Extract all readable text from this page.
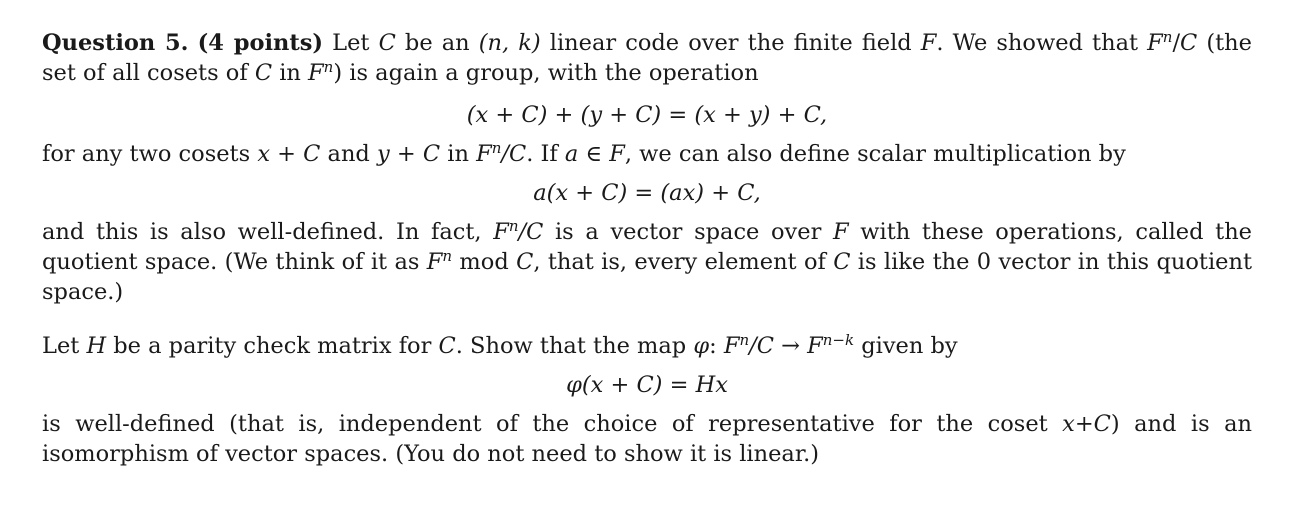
Question 5. (4 points) Let C be an (n, k) linear code over the finite field F. We showed that $F^n/C$ (the set of all cosets of C in $F^n$) is again a group, with the operation

(x + C) + (y + C) = (x + y) + C,

for any two cosets x + C and y + C in $F^n/C$. If a ∈ F, we can also define scalar multiplication by

a(x + C) = (ax) + C,

and this is also well-defined. In fact, $F^n/C$ is a vector space over F with these operations, called the quotient space. (We think of it as $F^n$ mod C, that is, every element of C is like the 0 vector in this quotient space.)

Let H be a parity check matrix for C. Show that the map φ: $F^n/C \to F^{n-k}$ given by

φ(x + C) = Hx

is well-defined (that is, independent of the choice of representative for the coset x+C) and is an isomorphism of vector spaces. (You do not need to show it is linear.)
